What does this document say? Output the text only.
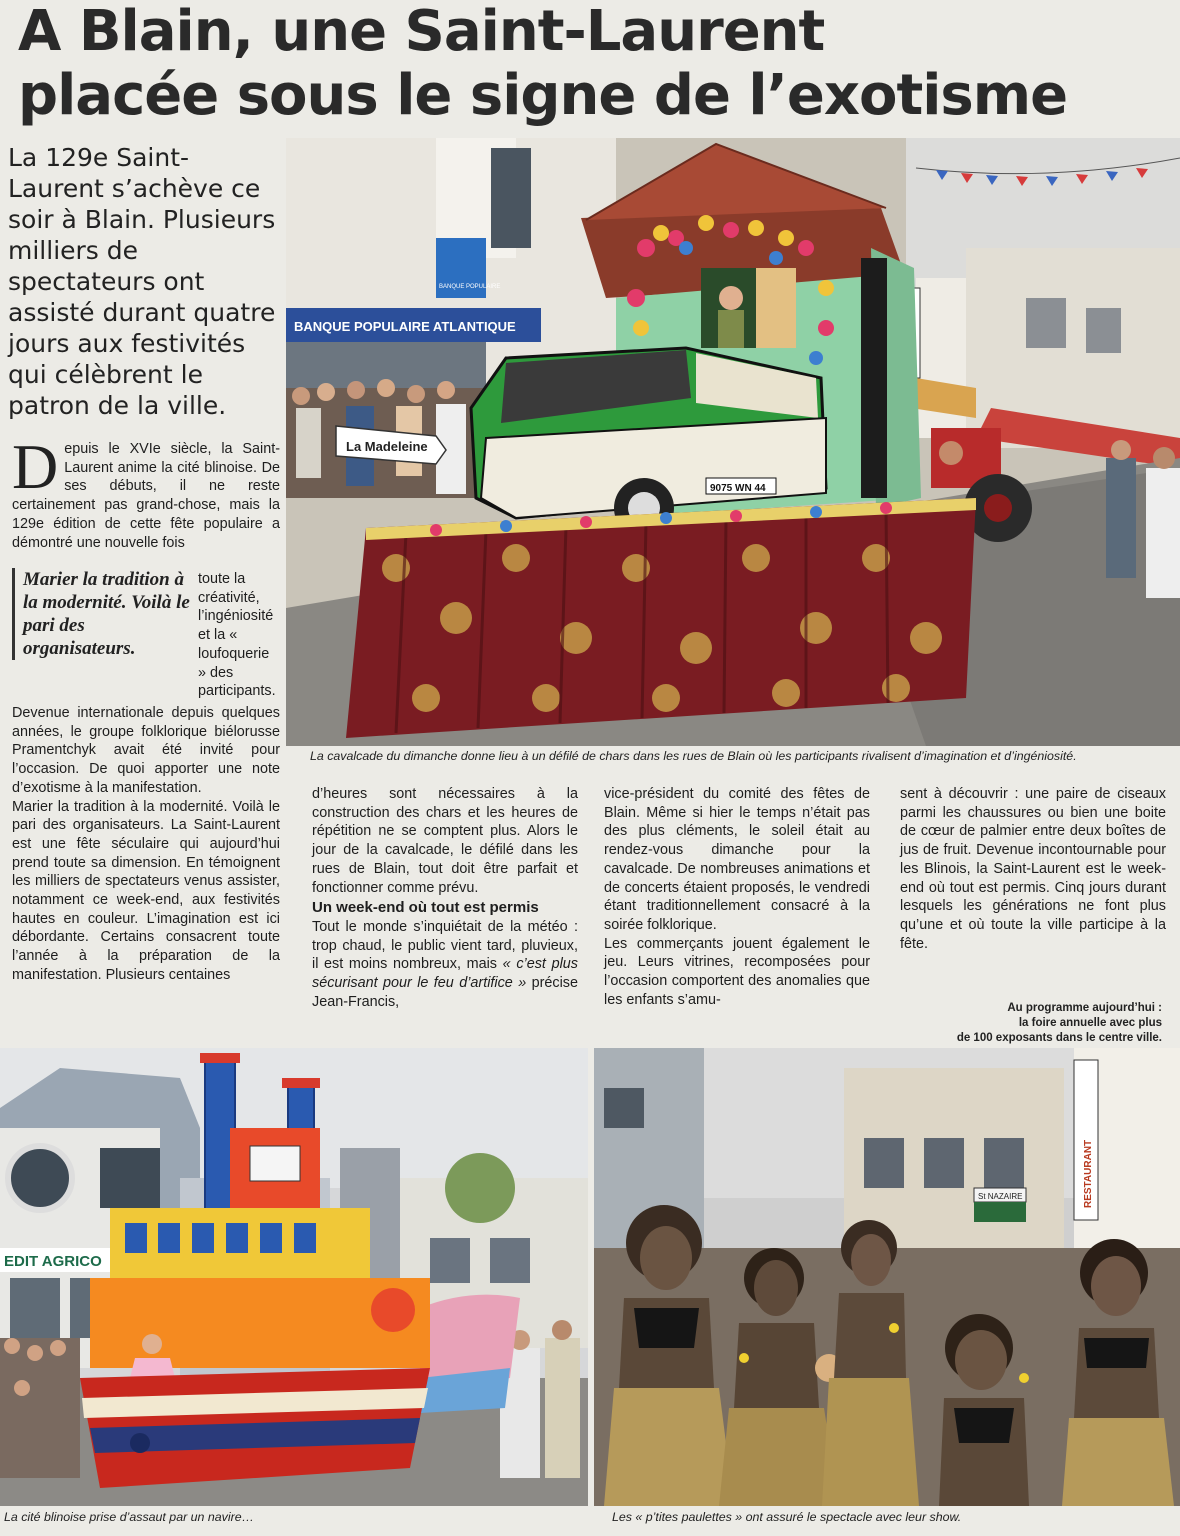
A Blain, une Saint-Laurent
placée sous le signe de l’exotisme
La 129e Saint-Laurent s’achève ce soir à Blain. Plusieurs milliers de spectateurs ont assisté durant quatre jours aux festivités qui célèbrent le patron de la ville.
BANQUE POPULAIRE ATLANTIQUE
BANQUE POPULAIRE
La Madeleine
9075 WN 44
La cavalcade du dimanche donne lieu à un défilé de chars dans les rues de Blain où les participants rivalisent d’imagination et d’ingéniosité.

D epuis le XVIe siècle, la Saint-Laurent anime la cité blinoise. De ses débuts, il ne reste certainement pas grand-chose, mais la 129e édition de cette fête populaire a démontré une nouvelle fois

toute la créativité, l’ingéniosité et la « loufoquerie » des participants.
Marier la tradition à la modernité. Voilà le pari des organisateurs.

Devenue internationale depuis quelques années, le groupe folklorique biélorusse Pramentchyk avait été invité pour l’occasion. De quoi apporter une note d’exotisme à la manifestation.

Marier la tradition à la modernité. Voilà le pari des organisateurs. La Saint-Laurent est une fête séculaire qui aujourd’hui prend toute sa dimension. En témoignent les milliers de spectateurs venus assister, notamment ce week-end, aux festivités hautes en couleur. L’imagination est ici débordante. Certains consacrent toute l’année à la préparation de la manifestation. Plusieurs centaines

d’heures sont nécessaires à la construction des chars et les heures de répétition ne se comptent plus. Alors le jour de la cavalcade, le défilé dans les rues de Blain, tout doit être parfait et fonctionner comme prévu.

Un week-end où tout est permis

Tout le monde s’inquiétait de la météo : trop chaud, le public vient tard, pluvieux, il est moins nombreux, mais « c’est plus sécurisant pour le feu d’artifice » précise Jean-Francis,

vice-président du comité des fêtes de Blain. Même si hier le temps n’était pas des plus cléments, le soleil était au rendez-vous dimanche pour la cavalcade. De nombreuses animations et de concerts étaient proposés, le vendredi étant traditionnellement consacré à la soirée folklorique.

Les commerçants jouent également le jeu. Leurs vitrines, recomposées pour l’occasion comportent des anomalies que les enfants s’amu-

sent à découvrir : une paire de ciseaux parmi les chaussures ou bien une boite de cœur de palmier entre deux boîtes de jus de fruit. Devenue incontournable pour les Blinois, la Saint-Laurent est le week-end où tout est permis. Cinq jours durant lesquels les générations ne font plus qu’une et où toute la ville participe à la fête.

Au programme aujourd’hui :
la foire annuelle avec plus
de 100 exposants dans le centre ville.
EDIT AGRICO
La cité blinoise prise d’assaut par un navire…
RESTAURANT
St NAZAIRE
Les « p’tites paulettes » ont assuré le spectacle avec leur show.
